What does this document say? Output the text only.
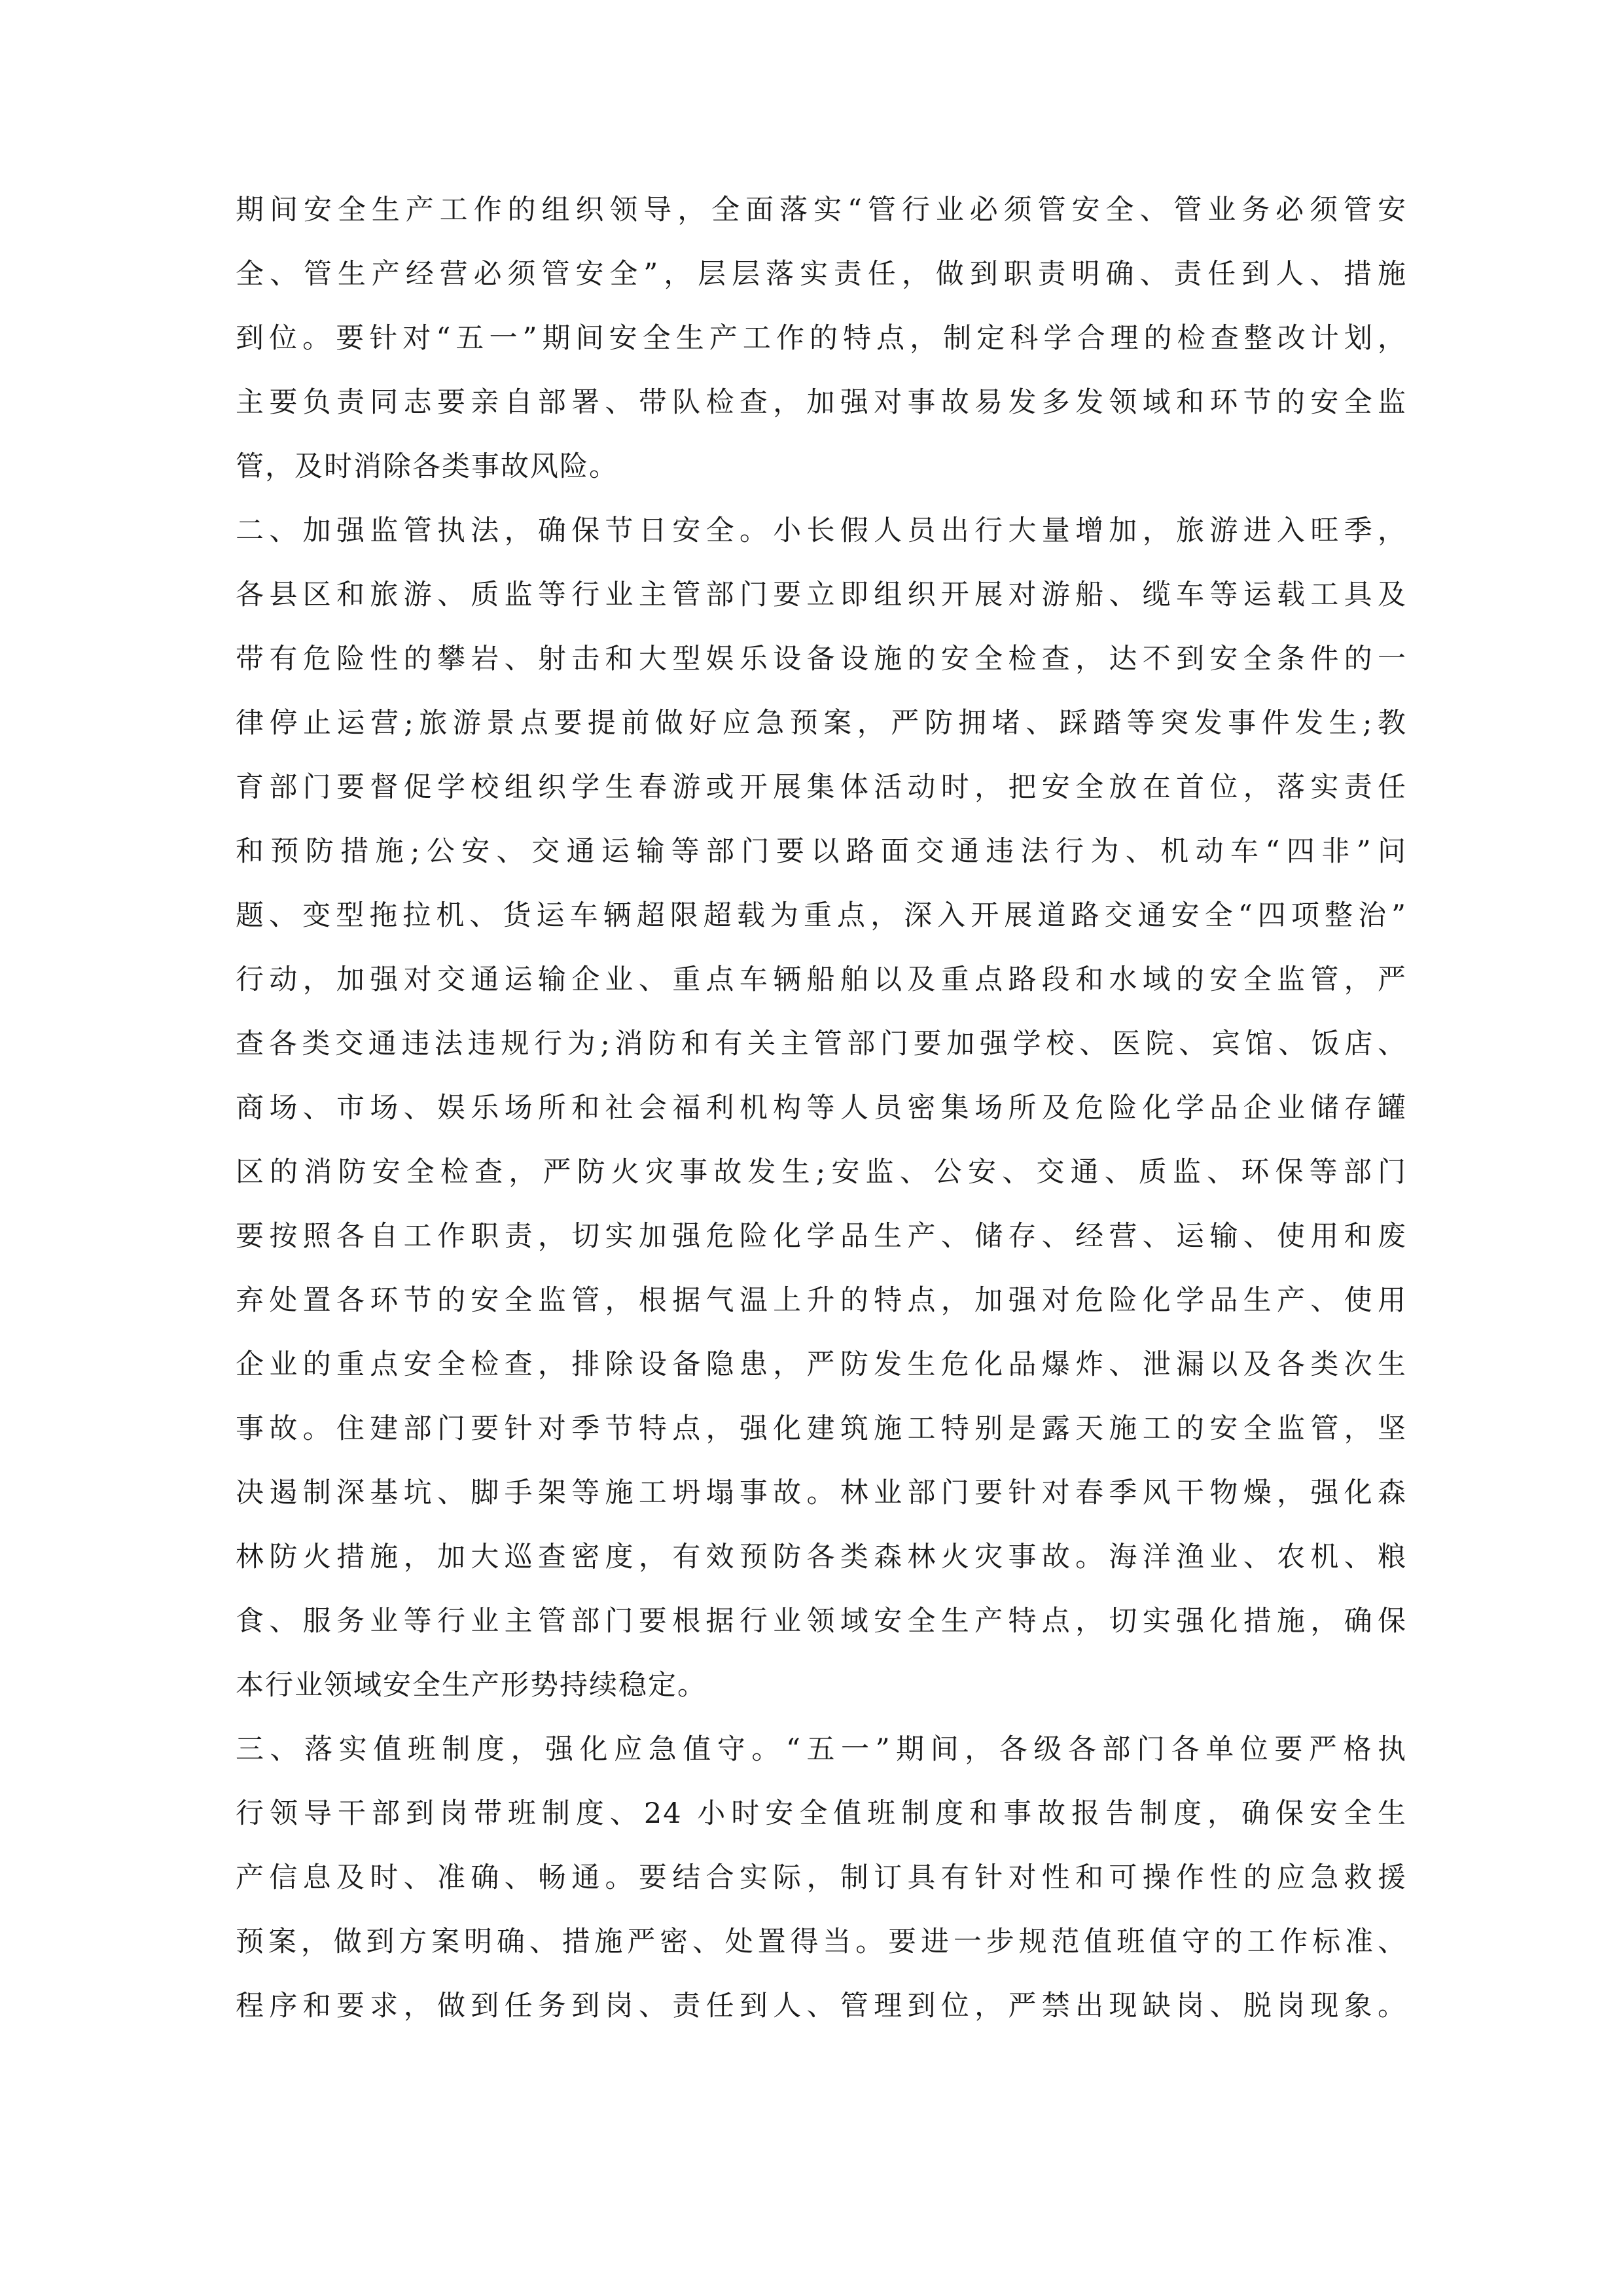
期间安全生产工作的组织领导，全面落实“管行业必须管安全、管业务必须管安
全、管生产经营必须管安全”，层层落实责任，做到职责明确、责任到人、措施
到位。要针对“五一”期间安全生产工作的特点，制定科学合理的检查整改计划，
主要负责同志要亲自部署、带队检查，加强对事故易发多发领域和环节的安全监
管，及时消除各类事故风险。
二、加强监管执法，确保节日安全。小长假人员出行大量增加，旅游进入旺季，
各县区和旅游、质监等行业主管部门要立即组织开展对游船、缆车等运载工具及
带有危险性的攀岩、射击和大型娱乐设备设施的安全检查，达不到安全条件的一
律停止运营;旅游景点要提前做好应急预案，严防拥堵、踩踏等突发事件发生;教
育部门要督促学校组织学生春游或开展集体活动时，把安全放在首位，落实责任
和预防措施;公安、交通运输等部门要以路面交通违法行为、机动车“四非”问
题、变型拖拉机、货运车辆超限超载为重点，深入开展道路交通安全“四项整治”
行动，加强对交通运输企业、重点车辆船舶以及重点路段和水域的安全监管，严
查各类交通违法违规行为;消防和有关主管部门要加强学校、医院、宾馆、饭店、
商场、市场、娱乐场所和社会福利机构等人员密集场所及危险化学品企业储存罐
区的消防安全检查，严防火灾事故发生;安监、公安、交通、质监、环保等部门
要按照各自工作职责，切实加强危险化学品生产、储存、经营、运输、使用和废
弃处置各环节的安全监管，根据气温上升的特点，加强对危险化学品生产、使用
企业的重点安全检查，排除设备隐患，严防发生危化品爆炸、泄漏以及各类次生
事故。住建部门要针对季节特点，强化建筑施工特别是露天施工的安全监管，坚
决遏制深基坑、脚手架等施工坍塌事故。林业部门要针对春季风干物燥，强化森
林防火措施，加大巡查密度，有效预防各类森林火灾事故。海洋渔业、农机、粮
食、服务业等行业主管部门要根据行业领域安全生产特点，切实强化措施，确保
本行业领域安全生产形势持续稳定。
三、落实值班制度，强化应急值守。“五一”期间，各级各部门各单位要严格执
行领导干部到岗带班制度、24 小时安全值班制度和事故报告制度，确保安全生
产信息及时、准确、畅通。要结合实际，制订具有针对性和可操作性的应急救援
预案，做到方案明确、措施严密、处置得当。要进一步规范值班值守的工作标准、
程序和要求，做到任务到岗、责任到人、管理到位，严禁出现缺岗、脱岗现象。
